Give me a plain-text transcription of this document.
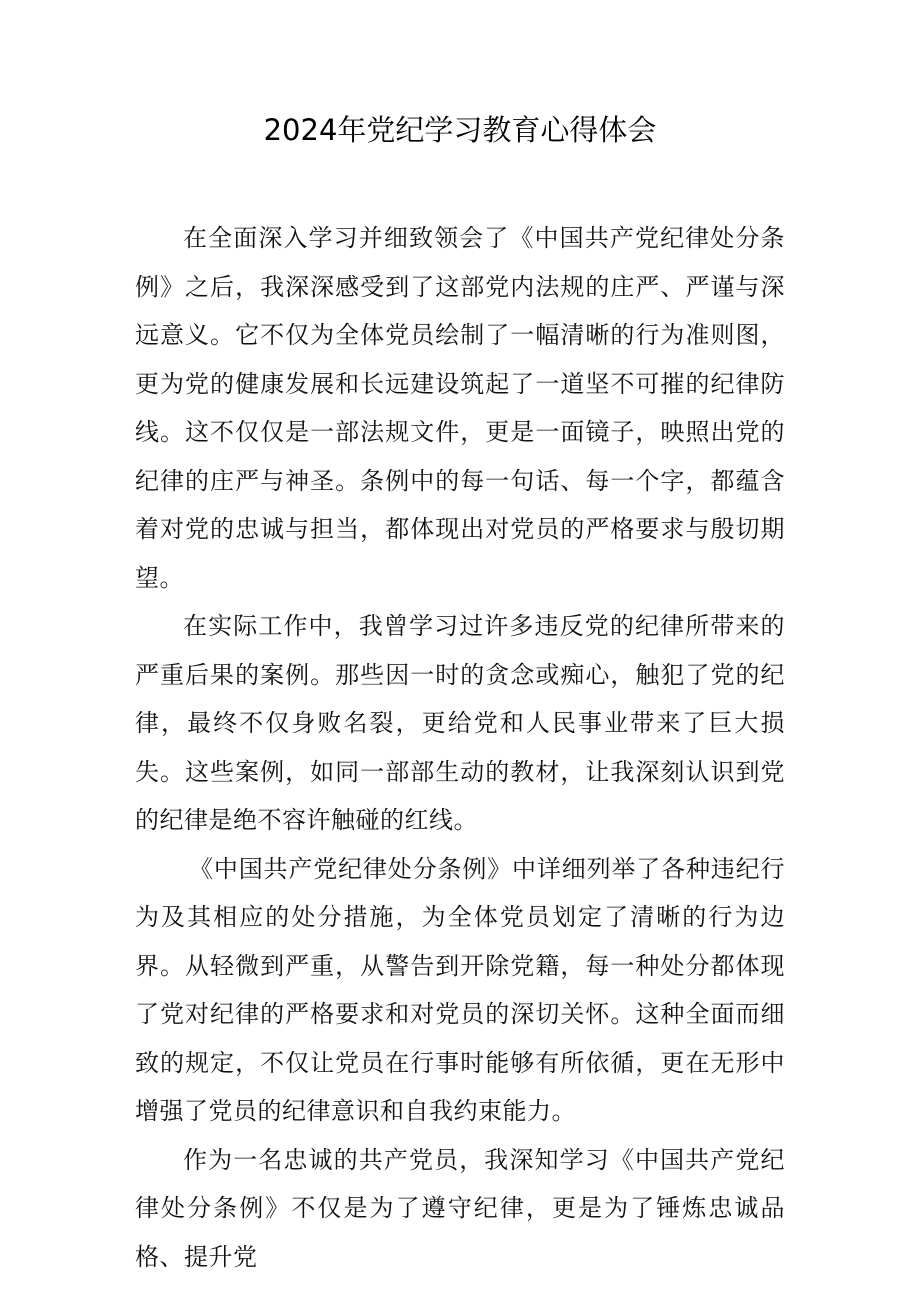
2024年党纪学习教育心得体会

在全面深入学习并细致领会了《中国共产党纪律处分条例》之后，我深深感受到了这部党内法规的庄严、严谨与深远意义。它不仅为全体党员绘制了一幅清晰的行为准则图，更为党的健康发展和长远建设筑起了一道坚不可摧的纪律防线。这不仅仅是一部法规文件，更是一面镜子，映照出党的纪律的庄严与神圣。条例中的每一句话、每一个字，都蕴含着对党的忠诚与担当，都体现出对党员的严格要求与殷切期望。

在实际工作中，我曾学习过许多违反党的纪律所带来的严重后果的案例。那些因一时的贪念或痴心，触犯了党的纪律，最终不仅身败名裂，更给党和人民事业带来了巨大损失。这些案例，如同一部部生动的教材，让我深刻认识到党的纪律是绝不容许触碰的红线。

《中国共产党纪律处分条例》中详细列举了各种违纪行为及其相应的处分措施，为全体党员划定了清晰的行为边界。从轻微到严重，从警告到开除党籍，每一种处分都体现了党对纪律的严格要求和对党员的深切关怀。这种全面而细致的规定，不仅让党员在行事时能够有所依循，更在无形中增强了党员的纪律意识和自我约束能力。

作为一名忠诚的共产党员，我深知学习《中国共产党纪律处分条例》不仅是为了遵守纪律，更是为了锤炼忠诚品格、提升党
